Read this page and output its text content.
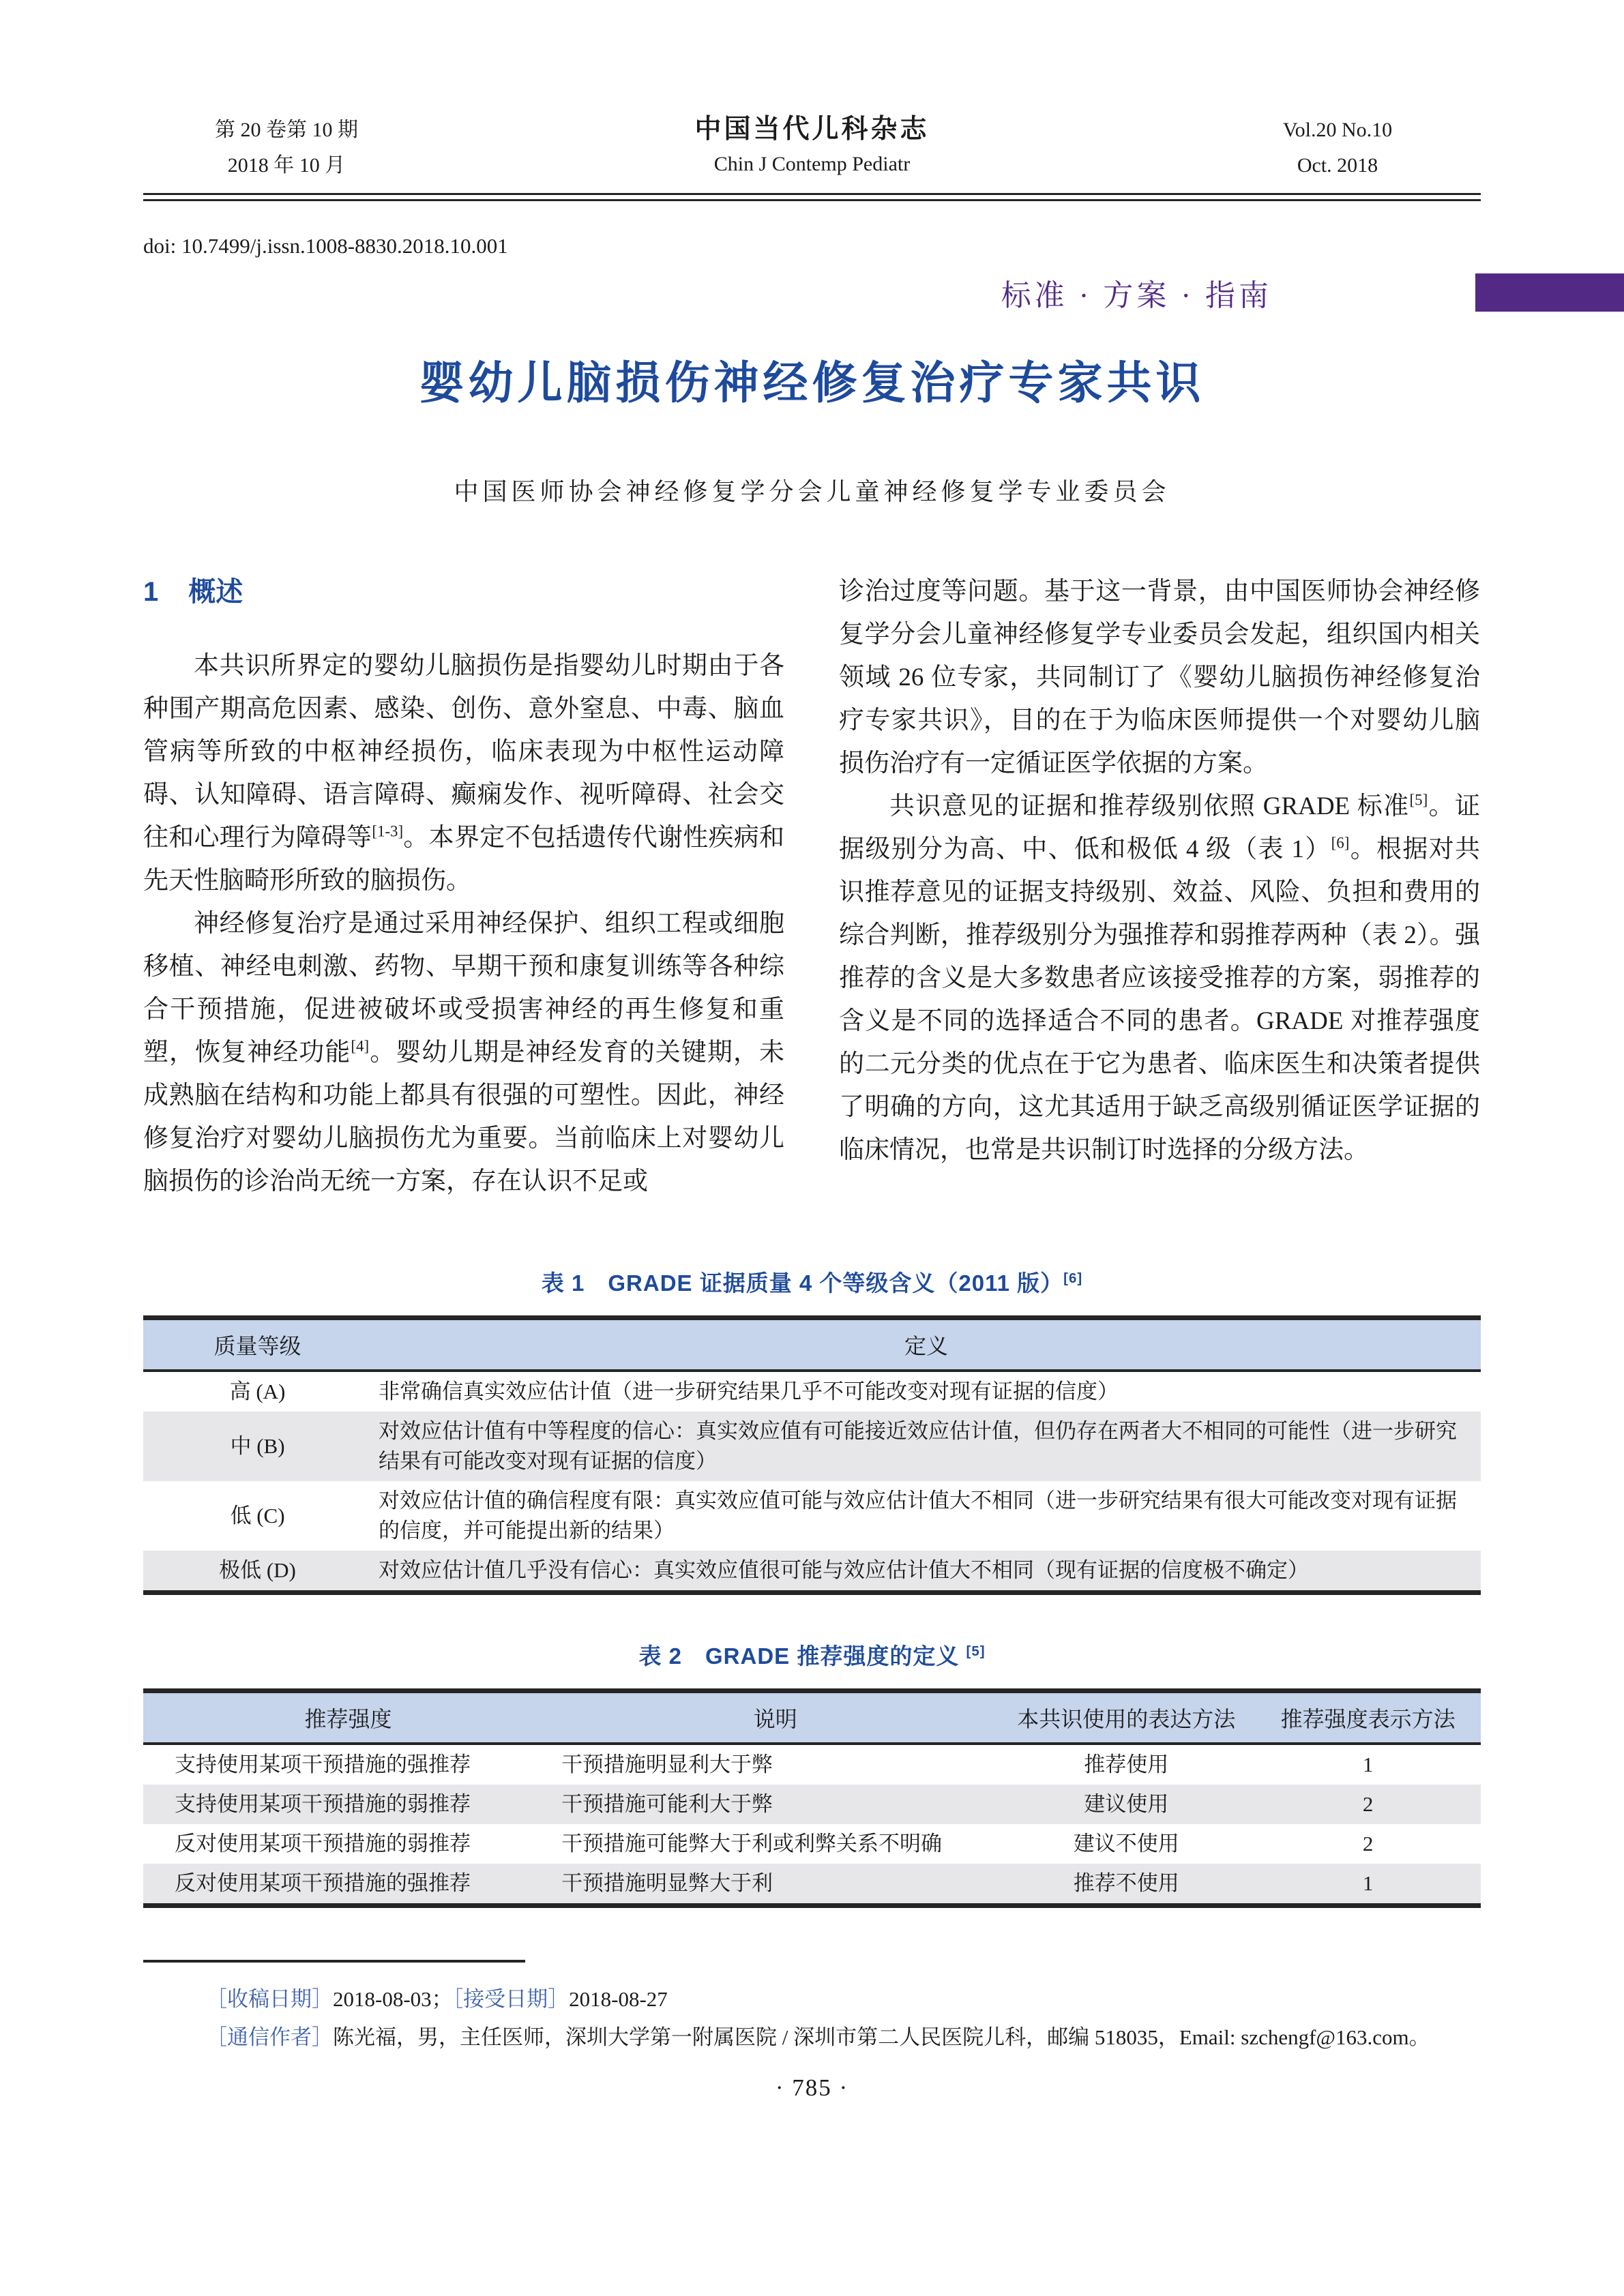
第 20 卷第 10 期
2018 年 10 月
中国当代儿科杂志
Chin J Contemp Pediatr
Vol.20 No.10
Oct. 2018
doi: 10.7499/j.issn.1008-8830.2018.10.001
标准 · 方案 · 指南
婴幼儿脑损伤神经修复治疗专家共识
中国医师协会神经修复学分会儿童神经修复学专业委员会
1 概述

本共识所界定的婴幼儿脑损伤是指婴幼儿时期由于各种围产期高危因素、感染、创伤、意外窒息、中毒、脑血管病等所致的中枢神经损伤，临床表现为中枢性运动障碍、认知障碍、语言障碍、癫痫发作、视听障碍、社会交往和心理行为障碍等[1-3]。本界定不包括遗传代谢性疾病和先天性脑畸形所致的脑损伤。

神经修复治疗是通过采用神经保护、组织工程或细胞移植、神经电刺激、药物、早期干预和康复训练等各种综合干预措施，促进被破坏或受损害神经的再生修复和重塑，恢复神经功能[4]。婴幼儿期是神经发育的关键期，未成熟脑在结构和功能上都具有很强的可塑性。因此，神经修复治疗对婴幼儿脑损伤尤为重要。当前临床上对婴幼儿脑损伤的诊治尚无统一方案，存在认识不足或

诊治过度等问题。基于这一背景，由中国医师协会神经修复学分会儿童神经修复学专业委员会发起，组织国内相关领域 26 位专家，共同制订了《婴幼儿脑损伤神经修复治疗专家共识》，目的在于为临床医师提供一个对婴幼儿脑损伤治疗有一定循证医学依据的方案。

共识意见的证据和推荐级别依照 GRADE 标准[5]。证据级别分为高、中、低和极低 4 级（表 1）[6]。根据对共识推荐意见的证据支持级别、效益、风险、负担和费用的综合判断，推荐级别分为强推荐和弱推荐两种（表 2）。强推荐的含义是大多数患者应该接受推荐的方案，弱推荐的含义是不同的选择适合不同的患者。GRADE 对推荐强度的二元分类的优点在于它为患者、临床医生和决策者提供了明确的方向，这尤其适用于缺乏高级别循证医学证据的临床情况，也常是共识制订时选择的分级方法。

表 1　GRADE 证据质量 4 个等级含义（2011 版）[6]
质量等级	定义
高 (A)	非常确信真实效应估计值（进一步研究结果几乎不可能改变对现有证据的信度）
中 (B)	对效应估计值有中等程度的信心：真实效应值有可能接近效应估计值，但仍存在两者大不相同的可能性（进一步研究结果有可能改变对现有证据的信度）
低 (C)	对效应估计值的确信程度有限：真实效应值可能与效应估计值大不相同（进一步研究结果有很大可能改变对现有证据的信度，并可能提出新的结果）
极低 (D)	对效应估计值几乎没有信心：真实效应值很可能与效应估计值大不相同（现有证据的信度极不确定）
表 2　GRADE 推荐强度的定义 [5]
推荐强度	说明	本共识使用的表达方法	推荐强度表示方法
支持使用某项干预措施的强推荐	干预措施明显利大于弊	推荐使用	1
支持使用某项干预措施的弱推荐	干预措施可能利大于弊	建议使用	2
反对使用某项干预措施的弱推荐	干预措施可能弊大于利或利弊关系不明确	建议不使用	2
反对使用某项干预措施的强推荐	干预措施明显弊大于利	推荐不使用	1
［收稿日期］2018-08-03；［接受日期］2018-08-27
［通信作者］陈光福，男，主任医师，深圳大学第一附属医院 / 深圳市第二人民医院儿科，邮编 518035，Email: szchengf@163.com。
· 785 ·
